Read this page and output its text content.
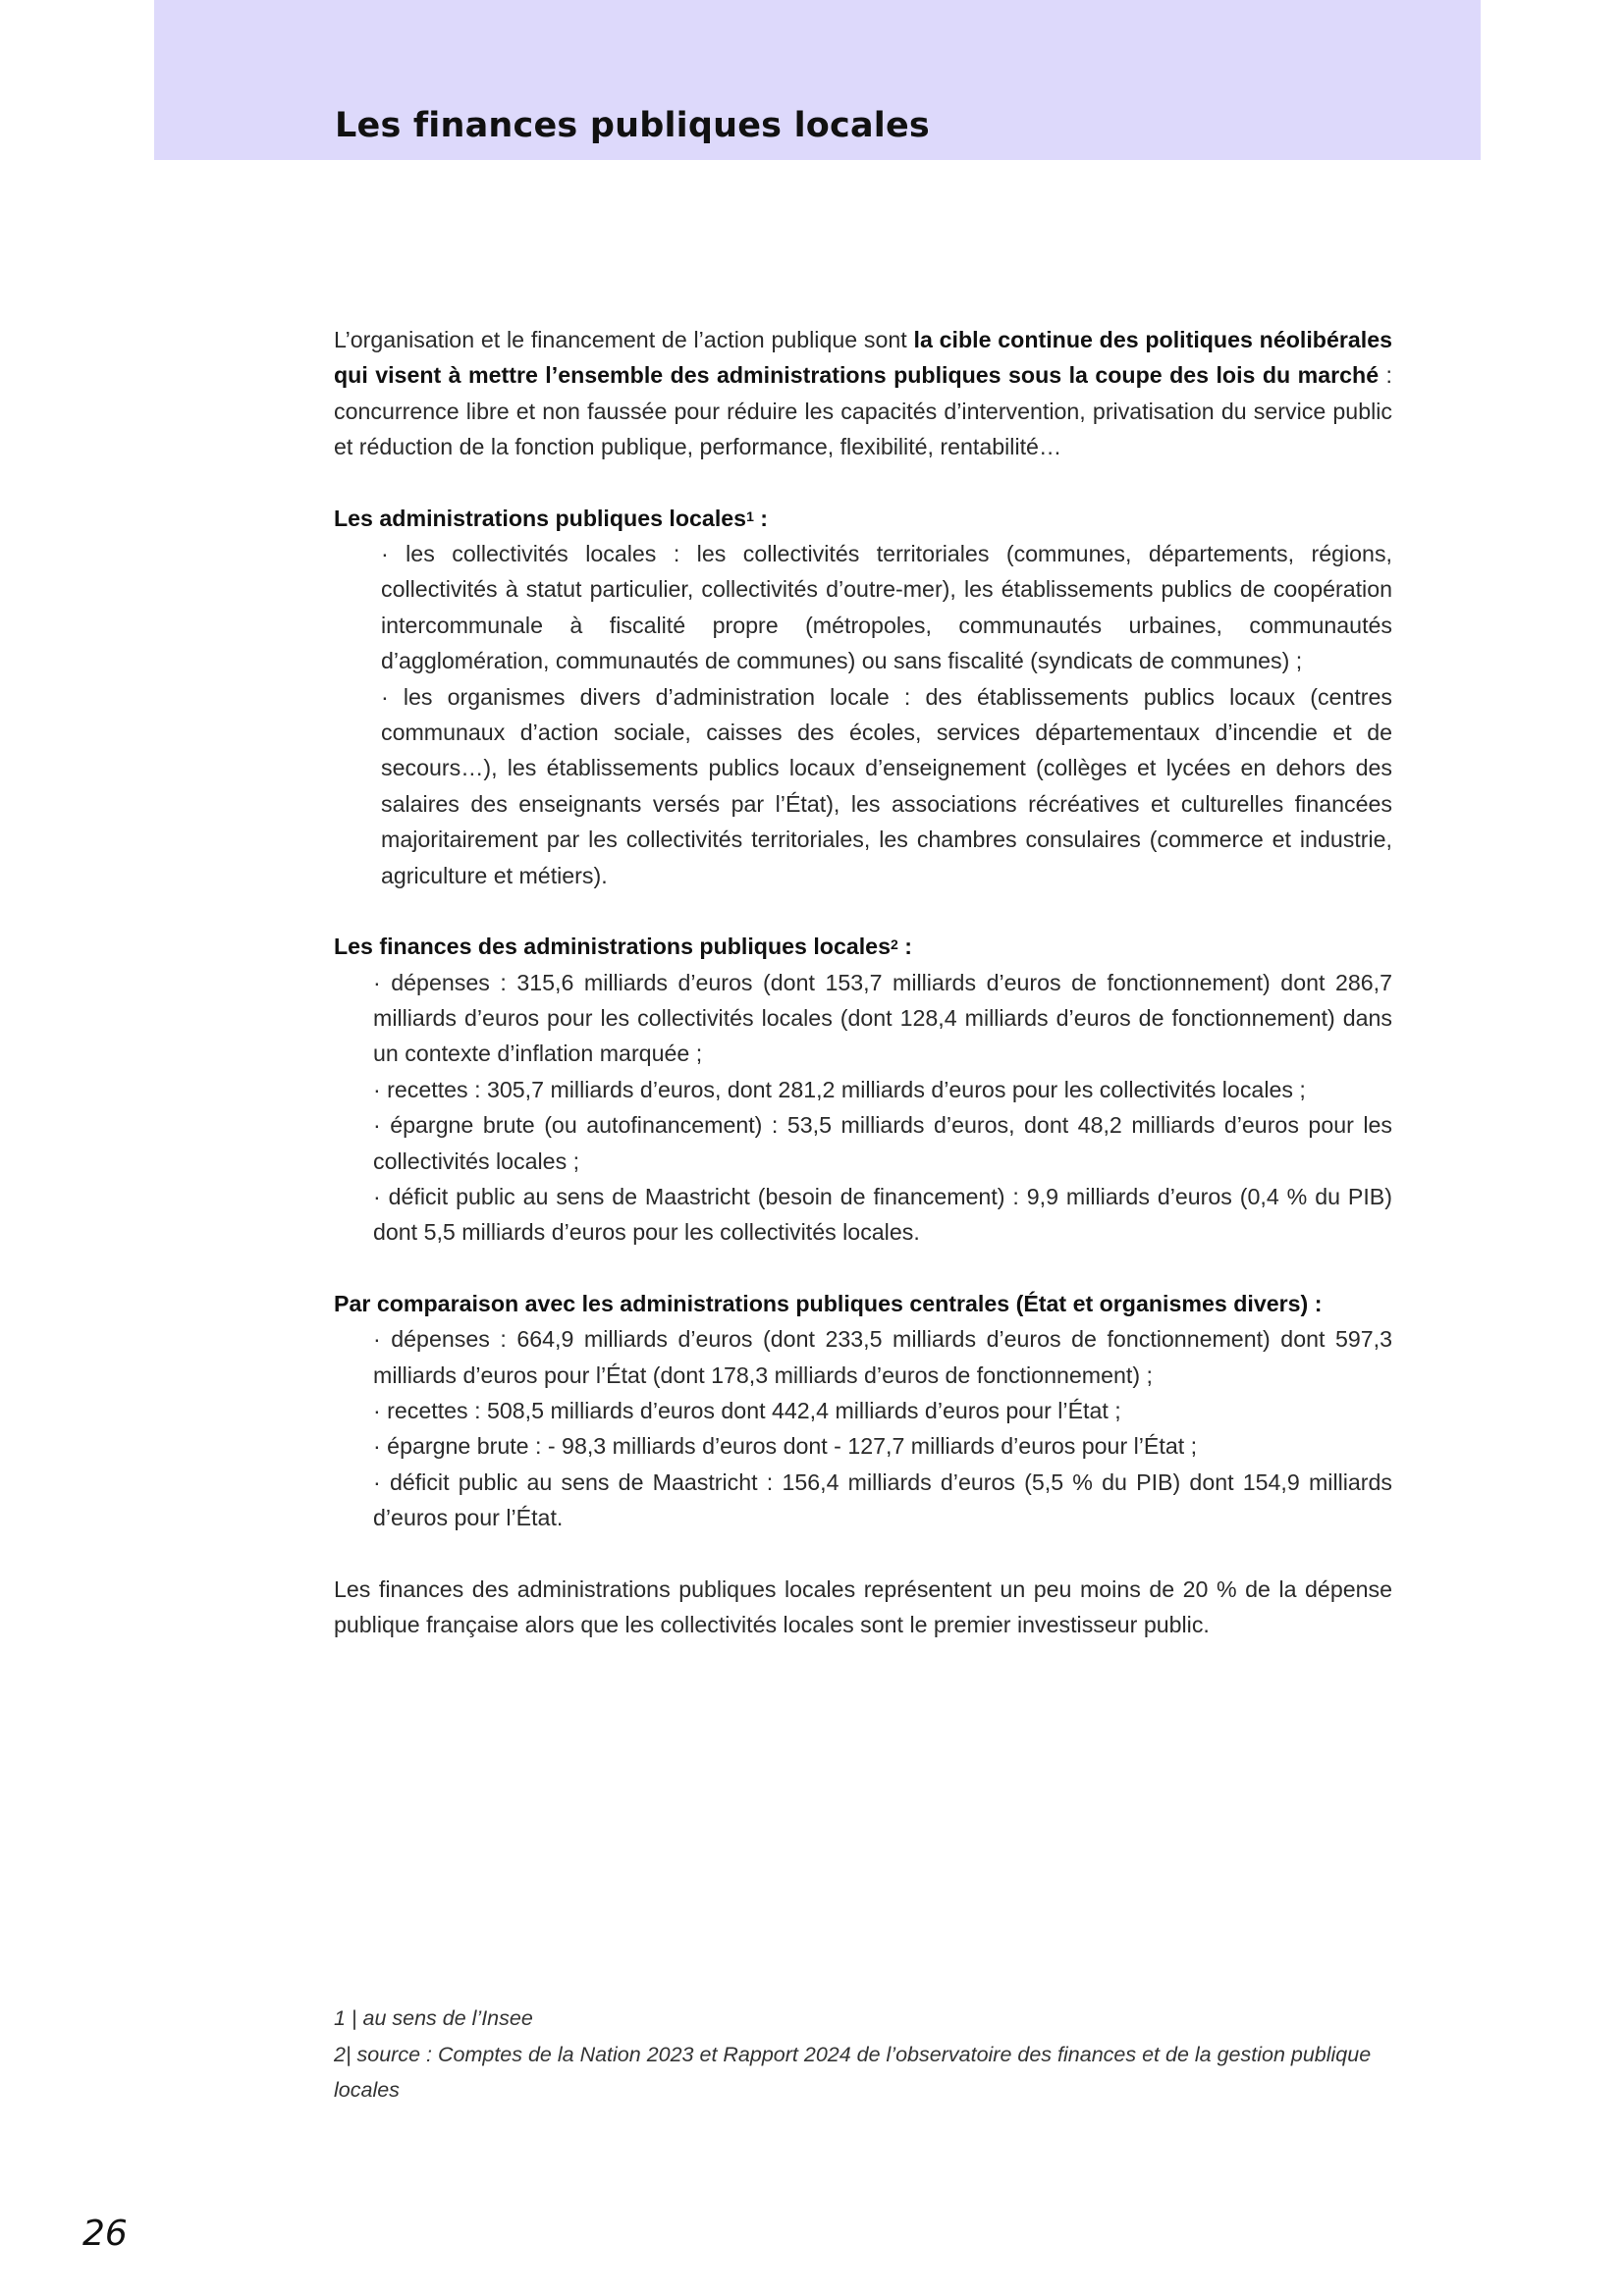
Les finances publiques locales

L’organisation et le financement de l’action publique sont la cible continue des politiques néolibérales qui visent à mettre l’ensemble des administrations publiques sous la coupe des lois du marché : concurrence libre et non faussée pour réduire les capacités d’intervention, privatisation du service public et réduction de la fonction publique, performance, flexibilité, rentabilité…

Les administrations publiques locales$^1$ :

· les collectivités locales : les collectivités territoriales (communes, départements, régions, collectivités à statut particulier, collectivités d’outre-mer), les établissements publics de coopération intercommunale à fiscalité propre (métropoles, communautés urbaines, communautés d’agglomération, communautés de communes) ou sans fiscalité (syndicats de communes) ;
· les organismes divers d’administration locale : des établissements publics locaux (centres communaux d’action sociale, caisses des écoles, services départementaux d’incendie et de secours…), les établissements publics locaux d’enseignement (collèges et lycées en dehors des salaires des enseignants versés par l’État), les associations récréatives et culturelles financées majoritairement par les collectivités territoriales, les chambres consulaires (commerce et industrie, agriculture et métiers).

Les finances des administrations publiques locales$^2$ :

· dépenses : 315,6 milliards d’euros (dont 153,7 milliards d’euros de fonctionnement) dont 286,7 milliards d’euros pour les collectivités locales (dont 128,4 milliards d’euros de fonctionnement) dans un contexte d’inflation marquée ;
· recettes : 305,7 milliards d’euros, dont 281,2 milliards d’euros pour les collectivités locales ;
· épargne brute (ou autofinancement) : 53,5 milliards d’euros, dont 48,2 milliards d’euros pour les collectivités locales ;
· déficit public au sens de Maastricht (besoin de financement) : 9,9 milliards d’euros (0,4 % du PIB) dont 5,5 milliards d’euros pour les collectivités locales.

Par comparaison avec les administrations publiques centrales (État et organismes divers) :

· dépenses : 664,9 milliards d’euros (dont 233,5 milliards d’euros de fonctionnement) dont 597,3 milliards d’euros pour l’État (dont 178,3 milliards d’euros de fonctionnement) ;
· recettes : 508,5 milliards d’euros dont 442,4 milliards d’euros pour l’État ;
· épargne brute : - 98,3 milliards d’euros dont - 127,7 milliards d’euros pour l’État ;
· déficit public au sens de Maastricht : 156,4 milliards d’euros (5,5 % du PIB) dont 154,9 milliards d’euros pour l’État.

Les finances des administrations publiques locales représentent un peu moins de 20 % de la dépense publique française alors que les collectivités locales sont le premier investisseur public.

1 | au sens de l’Insee
2| source : Comptes de la Nation 2023 et Rapport 2024 de l’observatoire des finances et de la gestion publique locales
26
